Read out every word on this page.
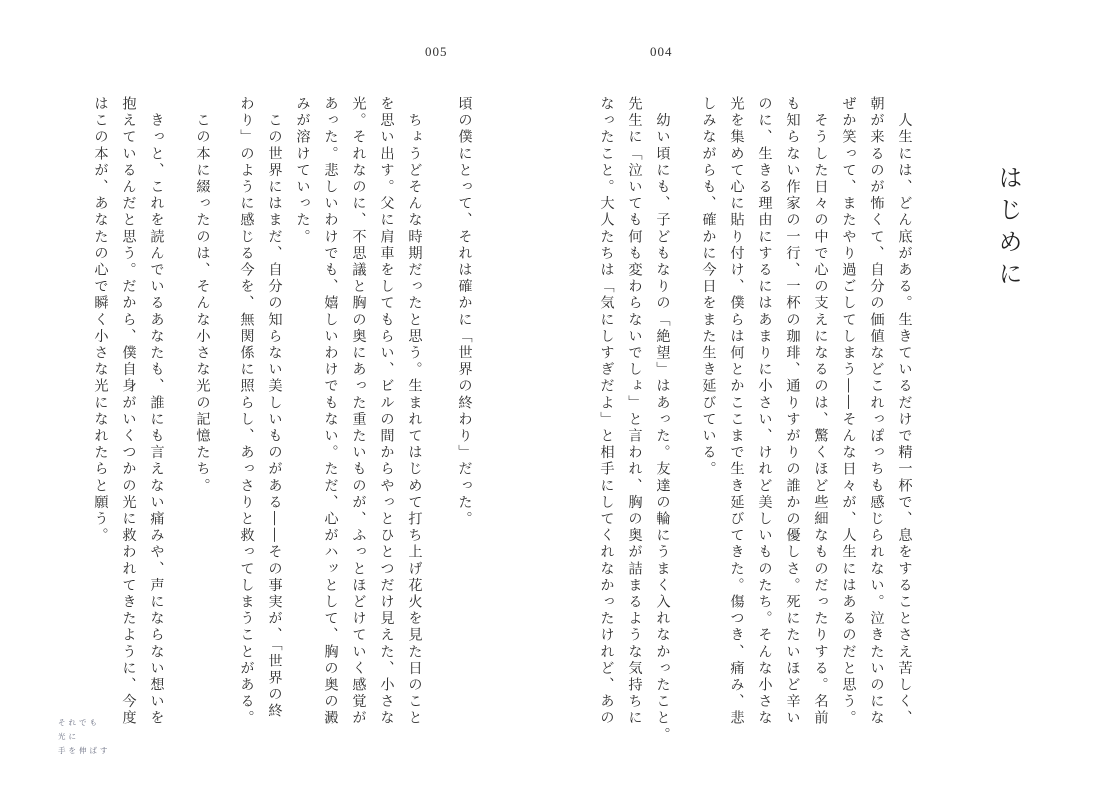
005	004
はじめに
　人生には、どん底がある。生きているだけで精一杯で、息をすることさえ苦しく、
朝が来るのが怖くて、自分の価値などこれっぽっちも感じられない。泣きたいのにな
ぜか笑って、またやり過ごしてしまう――そんな日々が、人生にはあるのだと思う。
　そうした日々の中で心の支えになるのは、驚くほど些細なものだったりする。名前
も知らない作家の一行、一杯の珈琲、通りすがりの誰かの優しさ。死にたいほど辛い
のに、生きる理由にするにはあまりに小さい、けれど美しいものたち。そんな小さな
光を集めて心に貼り付け、僕らは何とかここまで生き延びてきた。傷つき、痛み、悲
しみながらも、確かに今日をまた生き延びている。
　幼い頃にも、子どもなりの「絶望」はあった。友達の輪にうまく入れなかったこと。
先生に「泣いても何も変わらないでしょ」と言われ、胸の奥が詰まるような気持ちに
なったこと。大人たちは「気にしすぎだよ」と相手にしてくれなかったけれど、あの
頃の僕にとって、それは確かに「世界の終わり」だった。
　ちょうどそんな時期だったと思う。生まれてはじめて打ち上げ花火を見た日のこと
を思い出す。父に肩車をしてもらい、ビルの間からやっとひとつだけ見えた、小さな
光。それなのに、不思議と胸の奥にあった重たいものが、ふっとほどけていく感覚が
あった。悲しいわけでも、嬉しいわけでもない。ただ、心がハッとして、胸の奥の澱
みが溶けていった。
　この世界にはまだ、自分の知らない美しいものがある――その事実が、「世界の終
わり」のように感じる今を、無関係に照らし、あっさりと救ってしまうことがある。
　この本に綴ったのは、そんな小さな光の記憶たち。
　きっと、これを読んでいるあなたも、誰にも言えない痛みや、声にならない想いを
抱えているんだと思う。だから、僕自身がいくつかの光に救われてきたように、今度
はこの本が、あなたの心で瞬く小さな光になれたらと願う。
それでも
光に
手を伸ばす
